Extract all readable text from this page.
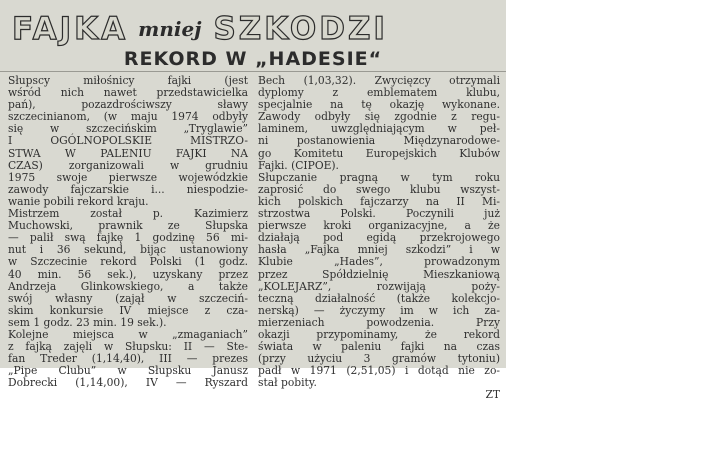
FAJKA mniej SZKODZI
REKORD W „HADESIE“
Słupscy miłośnicy fajki (jest
wśród nich nawet przedstawicielka
pań), pozazdrościwszy sławy
szczecinianom, (w maju 1974 odbyły
się w szczecińskim „Tryglawie”
I OGÓLNOPOLSKIE MISTRZO-
STWA W PALENIU FAJKI NA
CZAS) zorganizowali w grudniu
1975 swoje pierwsze wojewódzkie
zawody fajczarskie i... niespodzie-
wanie pobili rekord kraju.
Mistrzem został p. Kazimierz
Muchowski, prawnik ze Słupska
— palił swą fajkę 1 godzinę 56 mi-
nut i 36 sekund, bijąc ustanowiony
w Szczecinie rekord Polski (1 godz.
40 min. 56 sek.), uzyskany przez
Andrzeja Glinkowskiego, a także
swój własny (zajął w szczeciń-
skim konkursie IV miejsce z cza-
sem 1 godz. 23 min. 19 sek.).
Kolejne miejsca w „zmaganiach”
z fajką zajęli w Słupsku: II — Ste-
fan Treder (1,14,40), III — prezes
„Pipe Clubu” w Słupsku Janusz
Dobrecki (1,14,00), IV — Ryszard
Bech (1,03,32). Zwycięzcy otrzymali
dyplomy z emblematem klubu,
specjalnie na tę okazję wykonane.
Zawody odbyły się zgodnie z regu-
laminem, uwzględniającym w peł-
ni postanowienia Międzynarodowe-
go Komitetu Europejskich Klubów
Fajki. (CIPOE).
Słupczanie pragną w tym roku
zaprosić do swego klubu wszyst-
kich polskich fajczarzy na II Mi-
strzostwa Polski. Poczynili już
pierwsze kroki organizacyjne, a że
działają pod egidą przekrojowego
hasła „Fajka mniej szkodzi” i w
Klubie „Hades”, prowadzonym
przez Spółdzielnię Mieszkaniową
„KOLEJARZ”, rozwijają poży-
teczną działalność (także kolekcjo-
nerską) — życzymy im w ich za-
mierzeniach powodzenia. Przy
okazji przypominamy, że rekord
świata w paleniu fajki na czas
(przy użyciu 3 gramów tytoniu)
padł w 1971 (2,51,05) i dotąd nie zo-
stał pobity.
ZT
